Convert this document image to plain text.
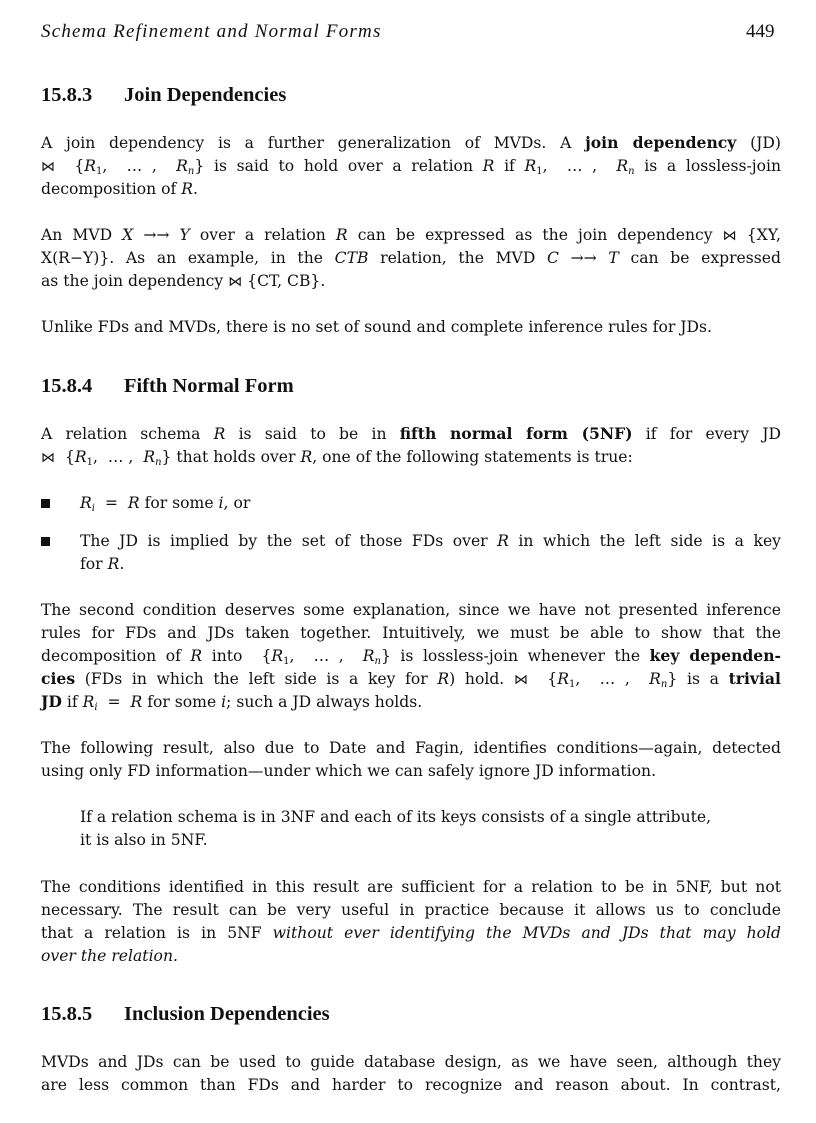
Schema Refinement and Normal Forms	449
15.8.3 Join Dependencies
A join dependency is a further generalization of MVDs. A join dependency (JD)
⋈ {$R_1$, … , $R_n$} is said to hold over a relation R if $R_1$, … , $R_n$ is a lossless-join
decomposition of R.
An MVD X →→ Y over a relation R can be expressed as the join dependency ⋈ {XY,
X(R−Y)}. As an example, in the CTB relation, the MVD C →→ T can be expressed
as the join dependency ⋈ {CT, CB}.
Unlike FDs and MVDs, there is no set of sound and complete inference rules for JDs.
15.8.4 Fifth Normal Form
A relation schema R is said to be in fifth normal form (5NF) if for every JD
⋈ {$R_1$, … , $R_n$} that holds over R, one of the following statements is true:
$R_i = R$ for some i, or
The JD is implied by the set of those FDs over R in which the left side is a key
for R.
The second condition deserves some explanation, since we have not presented inference
rules for FDs and JDs taken together. Intuitively, we must be able to show that the
decomposition of R into {$R_1$, … , $R_n$} is lossless-join whenever the key dependen-
cies (FDs in which the left side is a key for R) hold. ⋈ {$R_1$, … , $R_n$} is a trivial
JD if $R_i = R$ for some i; such a JD always holds.
The following result, also due to Date and Fagin, identifies conditions—again, detected
using only FD information—under which we can safely ignore JD information.
If a relation schema is in 3NF and each of its keys consists of a single attribute,
it is also in 5NF.
The conditions identified in this result are sufficient for a relation to be in 5NF, but not
necessary. The result can be very useful in practice because it allows us to conclude
that a relation is in 5NF without ever identifying the MVDs and JDs that may hold
over the relation.
15.8.5 Inclusion Dependencies
MVDs and JDs can be used to guide database design, as we have seen, although they
are less common than FDs and harder to recognize and reason about. In contrast,
